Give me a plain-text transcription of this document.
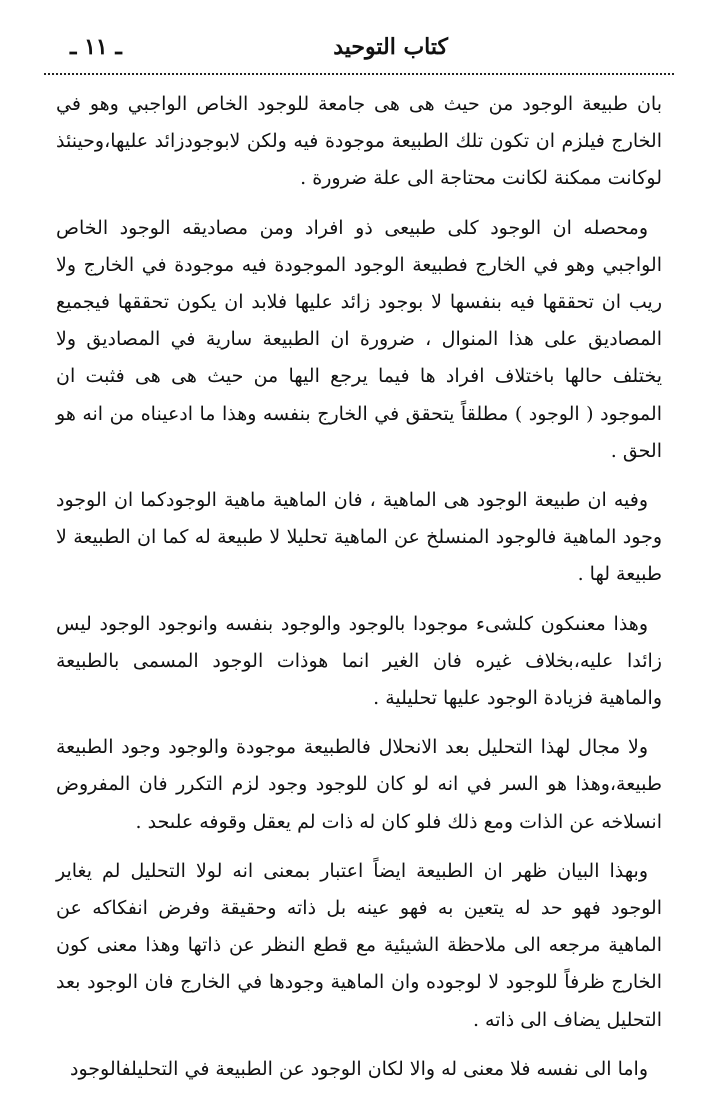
كتاب التوحيد
ـ ١١ ـ

بان طبيعة الوجود من حيث هى هى جامعة للوجود الخاص الواجبي وهو في الخارج فيلزم ان تكون تلك الطبيعة موجودة فيه ولكن لابوجودزائد عليها،وحينئذ لوكانت ممكنة لكانت محتاجة الى علة ضرورة .

ومحصله ان الوجود كلى طبيعى ذو افراد ومن مصاديقه الوجود الخاص الواجبي وهو في الخارج فطبيعة الوجود الموجودة فيه موجودة في الخارج ولا ريب ان تحققها فيه بنفسها لا بوجود زائد عليها فلابد ان يكون تحققها فيجميع المصاديق على هذا المنوال ، ضرورة ان الطبيعة سارية في المصاديق ولا يختلف حالها باختلاف افراد ها فيما يرجع اليها من حيث هى هى فثبت ان الموجود ( الوجود ) مطلقاً يتحقق في الخارج بنفسه وهذا ما ادعيناه من انه هو الحق .

وفيه ان طبيعة الوجود هى الماهية ، فان الماهية ماهية الوجودكما ان الوجود وجود الماهية فالوجود المنسلخ عن الماهية تحليلا لا طبيعة له كما ان الطبيعة لا طبيعة لها .

وهذا معنىكون كلشىء موجودا بالوجود والوجود بنفسه وانوجود الوجود ليس زائدا عليه،بخلاف غيره فان الغير انما هوذات الوجود المسمى بالطبيعة والماهية فزيادة الوجود عليها تحليلية .

ولا مجال لهذا التحليل بعد الانحلال فالطبيعة موجودة والوجود وجود الطبيعة طبيعة،وهذا هو السر في انه لو كان للوجود وجود لزم التكرر فان المفروض انسلاخه عن الذات ومع ذلك فلو كان له ذات لم يعقل وقوفه علىحد .

وبهذا البيان ظهر ان الطبيعة ايضاً اعتبار بمعنى انه لولا التحليل لم يغاير الوجود فهو حد له يتعين به فهو عينه بل ذاته وحقيقة وفرض انفكاكه عن الماهية مرجعه الى ملاحظة الشيئية مع قطع النظر عن ذاتها وهذا معنى كون الخارج ظرفاً للوجود لا لوجوده وان الماهية وجودها في الخارج فان الوجود بعد التحليل يضاف الى ذاته .

واما الى نفسه فلا معنى له والا لكان الوجود عن الطبيعة في التحليلفالوجود
